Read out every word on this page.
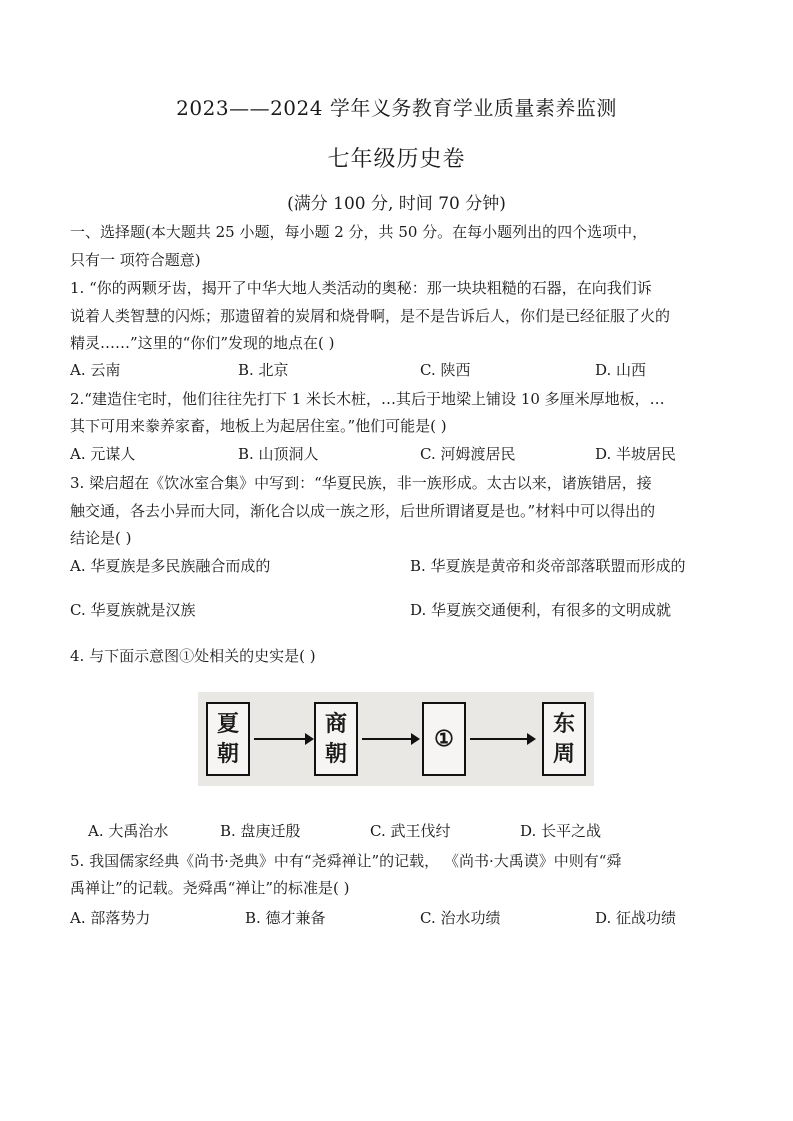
2023——2024 学年义务教育学业质量素养监测
七年级历史卷
(满分 100 分, 时间 70 分钟)
一、选择题(本大题共 25 小题，每小题 2 分，共 50 分。在每小题列出的四个选项中，
只有一 项符合题意)
1. “你的两颗牙齿，揭开了中华大地人类活动的奥秘：那一块块粗糙的石器，在向我们诉
说着人类智慧的闪烁；那遗留着的炭屑和烧骨啊，是不是告诉后人，你们是已经征服了火的
精灵……”这里的“你们”发现的地点在( )
A. 云南	B. 北京	C. 陕西	D. 山西
2.“建造住宅时，他们往往先打下 1 米长木桩，…其后于地梁上铺设 10 多厘米厚地板，…
其下可用来豢养家畜，地板上为起居住室。”他们可能是( )
A. 元谋人	B. 山顶洞人	C. 河姆渡居民	D. 半坡居民
3. 梁启超在《饮冰室合集》中写到：“华夏民族，非一族形成。太古以来，诸族错居，接
触交通，各去小异而大同，渐化合以成一族之形，后世所谓诸夏是也。”材料中可以得出的
结论是( )
A. 华夏族是多民族融合而成的	B. 华夏族是黄帝和炎帝部落联盟而形成的
C. 华夏族就是汉族	D. 华夏族交通便利，有很多的文明成就
4. 与下面示意图①处相关的史实是( )
夏
朝
商
朝
①
东
周
A. 大禹治水	B. 盘庚迁殷	C. 武王伐纣	D. 长平之战
5. 我国儒家经典《尚书·尧典》中有“尧舜禅让”的记载， 《尚书·大禹谟》中则有“舜
禹禅让”的记载。尧舜禹“禅让”的标准是( )
A. 部落势力	B. 德才兼备	C. 治水功绩	D. 征战功绩
